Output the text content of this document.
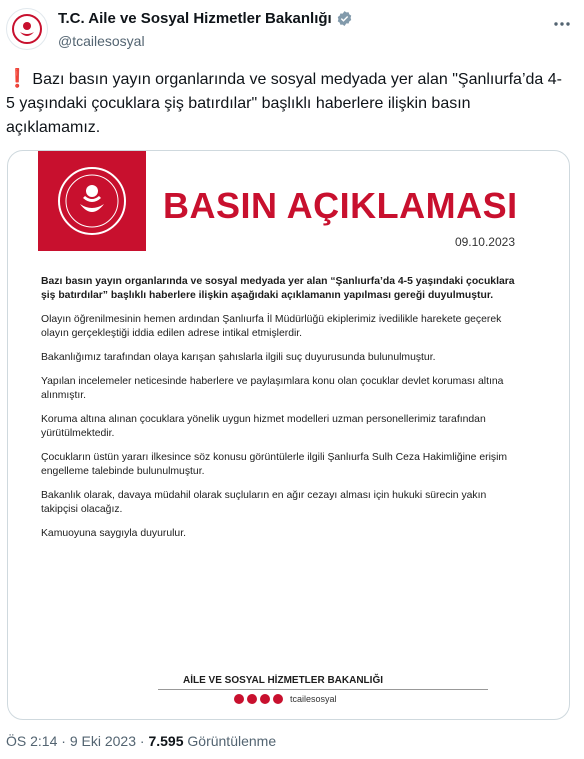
T.C. Aile ve Sosyal Hizmetler Bakanlığı
@tcailesosyal
❗ Bazı basın yayın organlarında ve sosyal medyada yer alan "Şanlıurfa’da 4-5 yaşındaki çocuklara şiş batırdılar" başlıklı haberlere ilişkin basın açıklamamız.
BASIN AÇIKLAMASI
09.10.2023

Bazı basın yayın organlarında ve sosyal medyada yer alan “Şanlıurfa’da 4-5 yaşındaki çocuklara şiş batırdılar” başlıklı haberlere ilişkin aşağıdaki açıklamanın yapılması gereği duyulmuştur.

Olayın öğrenilmesinin hemen ardından Şanlıurfa İl Müdürlüğü ekiplerimiz ivedilikle harekete geçerek olayın gerçekleştiği iddia edilen adrese intikal etmişlerdir.

Bakanlığımız tarafından olaya karışan şahıslarla ilgili suç duyurusunda bulunulmuştur.

Yapılan incelemeler neticesinde haberlere ve paylaşımlara konu olan çocuklar devlet koruması altına alınmıştır.

Koruma altına alınan çocuklara yönelik uygun hizmet modelleri uzman personellerimiz tarafından yürütülmektedir.

Çocukların üstün yararı ilkesince söz konusu görüntülerle ilgili Şanlıurfa Sulh Ceza Hakimliğine erişim engelleme talebinde bulunulmuştur.

Bakanlık olarak, davaya müdahil olarak suçluların en ağır cezayı alması için hukuki sürecin yakın takipçisi olacağız.

Kamuoyuna saygıyla duyurulur.

AİLE VE SOSYAL HİZMETLER BAKANLIĞI
tcailesosyal
ÖS 2:14 · 9 Eki 2023 · 7.595 Görüntülenme
